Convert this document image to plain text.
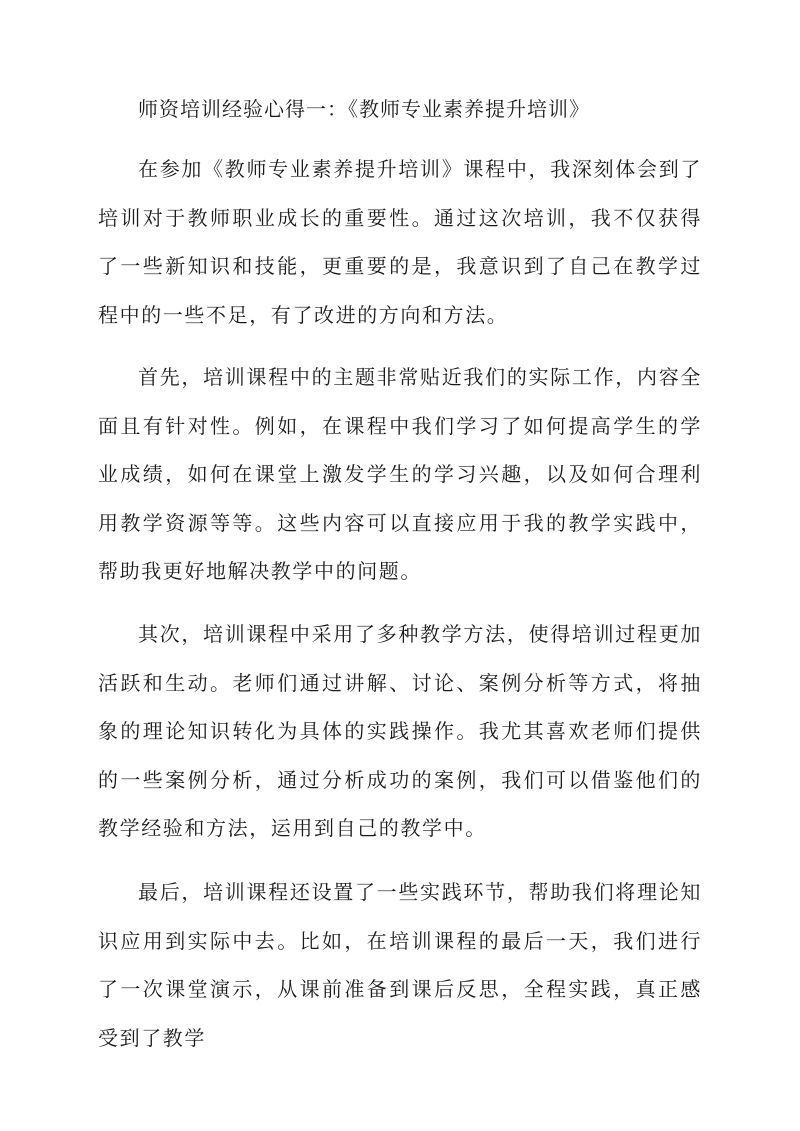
师资培训经验心得一：《教师专业素养提升培训》

在参加《教师专业素养提升培训》课程中，我深刻体会到了培训对于教师职业成长的重要性。通过这次培训，我不仅获得了一些新知识和技能，更重要的是，我意识到了自己在教学过程中的一些不足，有了改进的方向和方法。

首先，培训课程中的主题非常贴近我们的实际工作，内容全面且有针对性。例如，在课程中我们学习了如何提高学生的学业成绩，如何在课堂上激发学生的学习兴趣，以及如何合理利用教学资源等等。这些内容可以直接应用于我的教学实践中，帮助我更好地解决教学中的问题。

其次，培训课程中采用了多种教学方法，使得培训过程更加活跃和生动。老师们通过讲解、讨论、案例分析等方式，将抽象的理论知识转化为具体的实践操作。我尤其喜欢老师们提供的一些案例分析，通过分析成功的案例，我们可以借鉴他们的教学经验和方法，运用到自己的教学中。

最后，培训课程还设置了一些实践环节，帮助我们将理论知识应用到实际中去。比如，在培训课程的最后一天，我们进行了一次课堂演示，从课前准备到课后反思，全程实践，真正感受到了教学
